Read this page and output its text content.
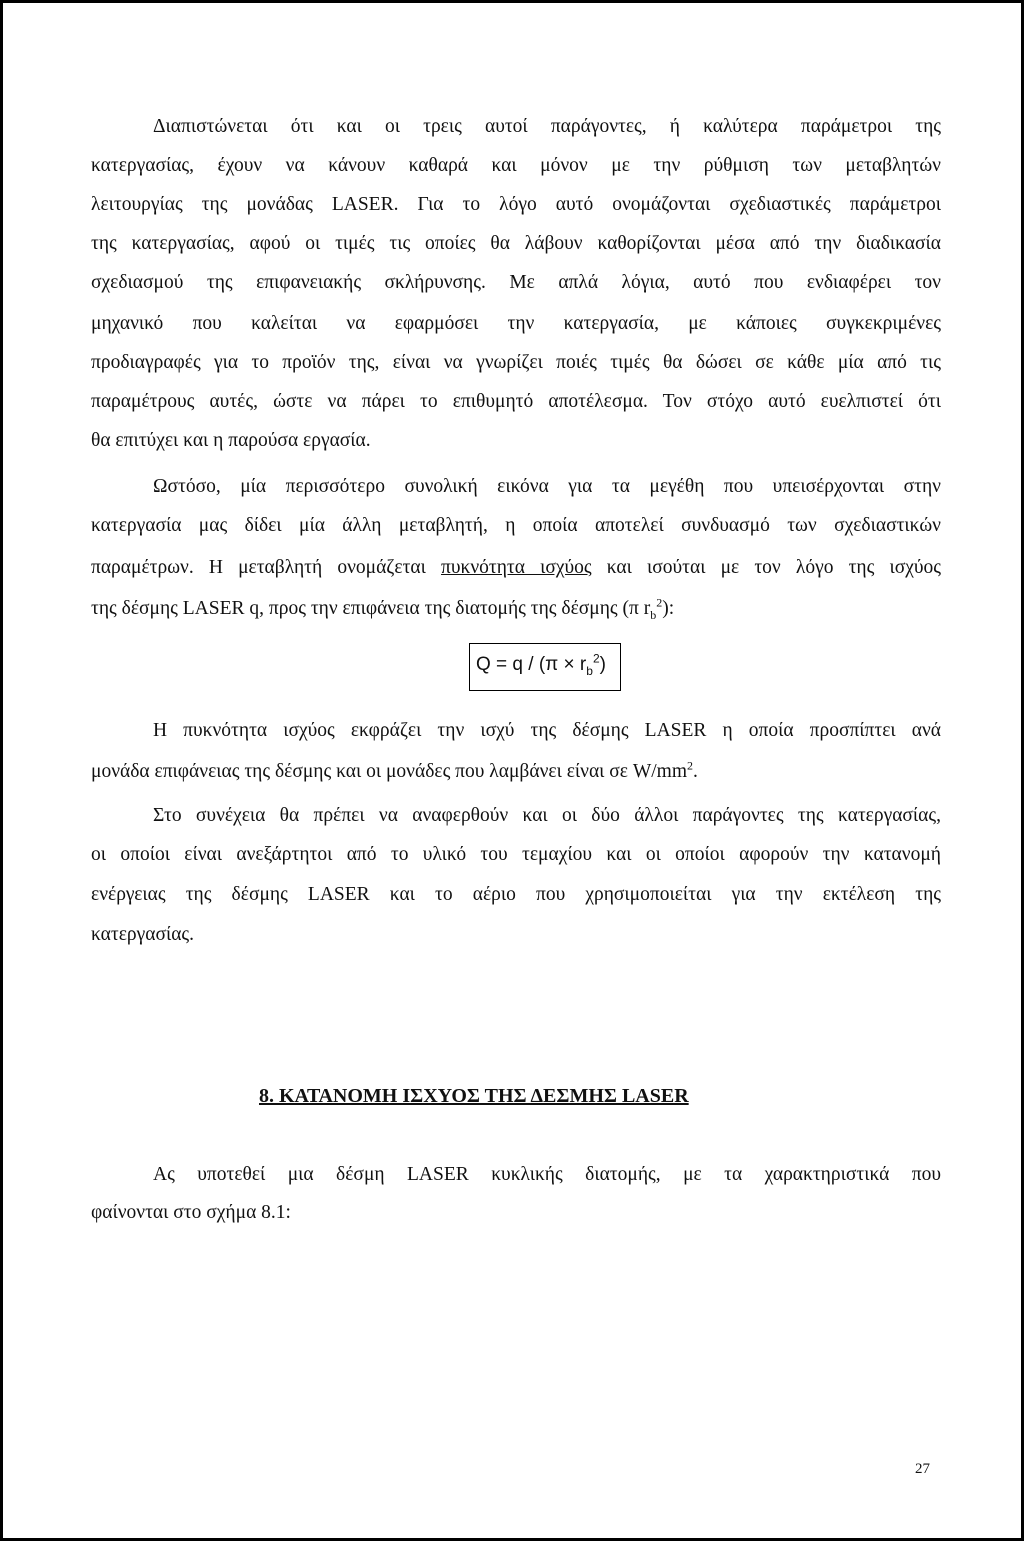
Διαπιστώνεται ότι και οι τρεις αυτοί παράγοντες, ή καλύτερα παράμετροι της

κατεργασίας, έχουν να κάνουν καθαρά και μόνον με την ρύθμιση των μεταβλητών

λειτουργίας της μονάδας LASER. Για το λόγο αυτό ονομάζονται σχεδιαστικές παράμετροι

της κατεργασίας, αφού οι τιμές τις οποίες θα λάβουν καθορίζονται μέσα από την διαδικασία

σχεδιασμού της επιφανειακής σκλήρυνσης. Με απλά λόγια, αυτό που ενδιαφέρει τον

μηχανικό που καλείται να εφαρμόσει την κατεργασία, με κάποιες συγκεκριμένες

προδιαγραφές για το προϊόν της, είναι να γνωρίζει ποιές τιμές θα δώσει σε κάθε μία από τις

παραμέτρους αυτές, ώστε να πάρει το επιθυμητό αποτέλεσμα. Τον στόχο αυτό ευελπιστεί ότι

θα επιτύχει και η παρούσα εργασία.

Ωστόσο, μία περισσότερο συνολική εικόνα για τα μεγέθη που υπεισέρχονται στην

κατεργασία μας δίδει μία άλλη μεταβλητή, η οποία αποτελεί συνδυασμό των σχεδιαστικών

παραμέτρων. Η μεταβλητή ονομάζεται πυκνότητα ισχύος και ισούται με τον λόγο της ισχύος

της δέσμης LASER q, προς την επιφάνεια της διατομής της δέσμης (π $r_b^2$):

$Q = q / (\pi \times r_b^2)$

Η πυκνότητα ισχύος εκφράζει την ισχύ της δέσμης LASER η οποία προσπίπτει ανά

μονάδα επιφάνειας της δέσμης και οι μονάδες που λαμβάνει είναι σε $W/mm^2$.

Στο συνέχεια θα πρέπει να αναφερθούν και οι δύο άλλοι παράγοντες της κατεργασίας,

οι οποίοι είναι ανεξάρτητοι από το υλικό του τεμαχίου και οι οποίοι αφορούν την κατανομή

ενέργειας της δέσμης LASER και το αέριο που χρησιμοποιείται για την εκτέλεση της

κατεργασίας.

8. ΚΑΤΑΝΟΜΗ ΙΣΧΥΟΣ ΤΗΣ ΔΕΣΜΗΣ LASER

Ας υποτεθεί μια δέσμη LASER κυκλικής διατομής, με τα χαρακτηριστικά που

φαίνονται στο σχήμα 8.1:

27
